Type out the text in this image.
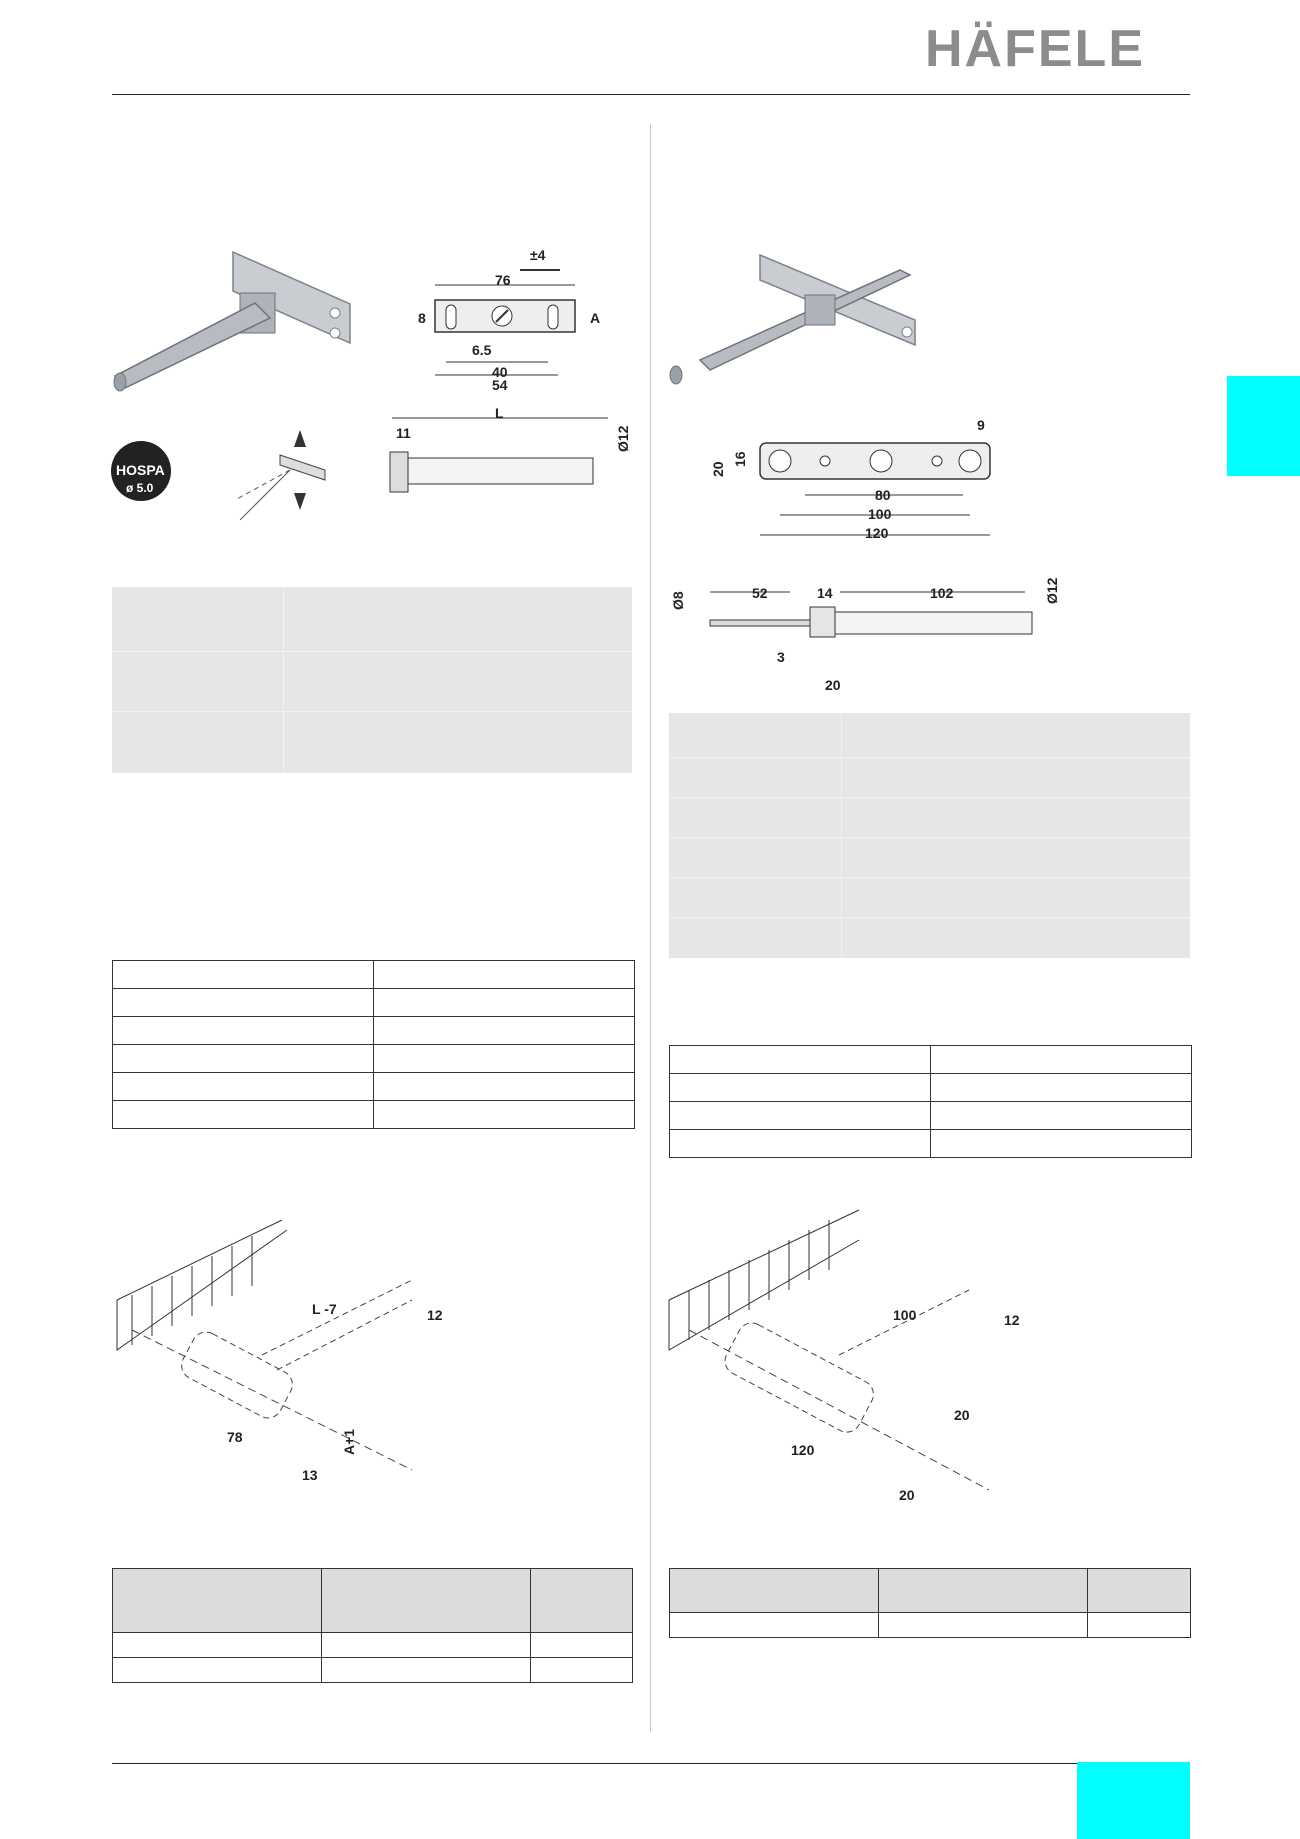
HÄFELE
76
54
40
6.5
8	A
±4
HOSPA
ø 5.0
L
11	Ø12

L -7	12
78
13
A+1

80
100
120
20
16
9
52	14	102
Ø8	Ø12
3
20

100	12
120
20
20
